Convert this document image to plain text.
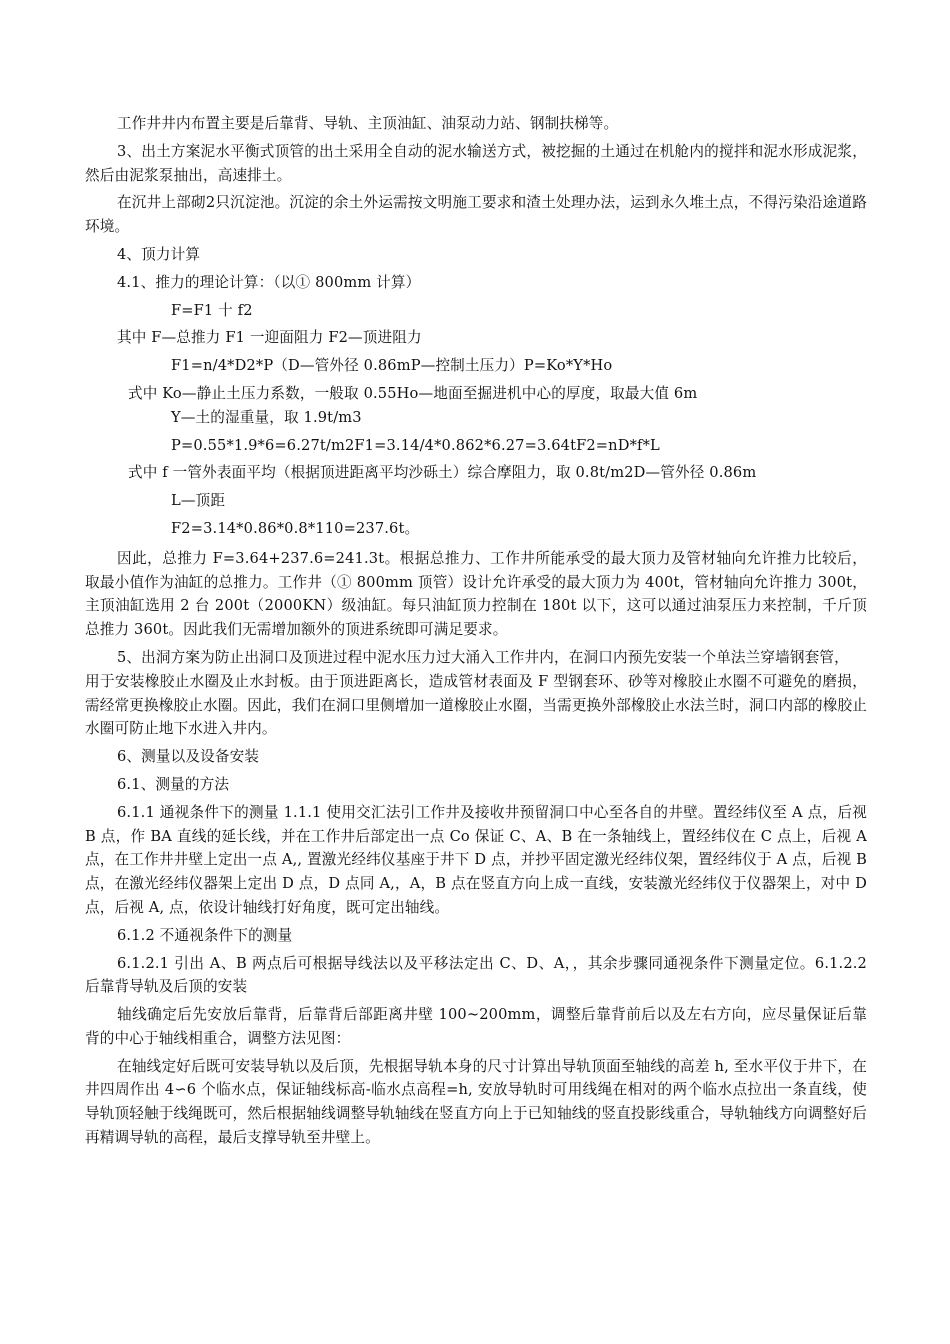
工作井井内布置主要是后靠背、导轨、主顶油缸、油泵动力站、钢制扶梯等。

3、出土方案泥水平衡式顶管的出土采用全自动的泥水输送方式，被挖掘的土通过在机舱内的搅拌和泥水形成泥浆，然后由泥浆泵抽出，高速排土。

在沉井上部砌2只沉淀池。沉淀的余土外运需按文明施工要求和渣土处理办法，运到永久堆土点，不得污染沿途道路环境。

4、顶力计算

4.1、推力的理论计算：（以① 800mm 计算）

F=F1 十 f2

其中 F—总推力 F1 一迎面阻力 F2—顶进阻力

F1=n/4*D2*P（D—管外径 0.86mP—控制土压力）P=Ko*Y*Ho

式中 Ko—静止土压力系数，一般取 0.55Ho—地面至掘进机中心的厚度，取最大值 6m

Y—土的湿重量，取 1.9t/m3

P=0.55*1.9*6=6.27t/m2F1=3.14/4*0.862*6.27=3.64tF2=nD*f*L

式中 f 一管外表面平均（根据顶进距离平均沙砾土）综合摩阻力，取 0.8t/m2D—管外径 0.86m

L—顶距

F2=3.14*0.86*0.8*110=237.6t。

因此，总推力 F=3.64+237.6=241.3t。根据总推力、工作井所能承受的最大顶力及管材轴向允许推力比较后，取最小值作为油缸的总推力。工作井（① 800mm 顶管）设计允许承受的最大顶力为 400t，管材轴向允许推力 300t，主顶油缸选用 2 台 200t（2000KN）级油缸。每只油缸顶力控制在 180t 以下，这可以通过油泵压力来控制，千斤顶总推力 360t。因此我们无需增加额外的顶进系统即可满足要求。

5、出洞方案为防止出洞口及顶进过程中泥水压力过大涌入工作井内，在洞口内预先安装一个单法兰穿墙钢套管，

用于安装橡胶止水圈及止水封板。由于顶进距离长，造成管材表面及 F 型钢套环、砂等对橡胶止水圈不可避免的磨损，需经常更换橡胶止水圈。因此，我们在洞口里侧增加一道橡胶止水圈，当需更换外部橡胶止水法兰时，洞口内部的橡胶止水圈可防止地下水进入井内。

6、测量以及设备安装

6.1、测量的方法

6.1.1 通视条件下的测量 1.1.1 使用交汇法引工作井及接收井预留洞口中心至各自的井壁。置经纬仪至 A 点，后视 B 点，作 BA 直线的延长线，并在工作井后部定出一点 Co 保证 C、A、B 在一条轴线上，置经纬仪在 C 点上，后视 A 点，在工作井井壁上定出一点 A,, 置激光经纬仪基座于井下 D 点，并抄平固定激光经纬仪架，置经纬仪于 A 点，后视 B 点，在激光经纬仪器架上定出 D 点，D 点同 A,，A，B 点在竖直方向上成一直线，安装激光经纬仪于仪器架上，对中 D 点，后视 A, 点，依设计轴线打好角度，既可定出轴线。

6.1.2 不通视条件下的测量

6.1.2.1 引出 A、B 两点后可根据导线法以及平移法定出 C、D、A，，其余步骤同通视条件下测量定位。6.1.2.2 后靠背导轨及后顶的安装

轴线确定后先安放后靠背，后靠背后部距离井壁 100~200mm，调整后靠背前后以及左右方向，应尽量保证后靠背的中心于轴线相重合，调整方法见图：

在轴线定好后既可安装导轨以及后顶，先根据导轨本身的尺寸计算出导轨顶面至轴线的高差 h, 至水平仪于井下，在井四周作出 4∽6 个临水点，保证轴线标高-临水点高程=h, 安放导轨时可用线绳在相对的两个临水点拉出一条直线，使导轨顶轻触于线绳既可，然后根据轴线调整导轨轴线在竖直方向上于已知轴线的竖直投影线重合，导轨轴线方向调整好后再精调导轨的高程，最后支撑导轨至井壁上。
